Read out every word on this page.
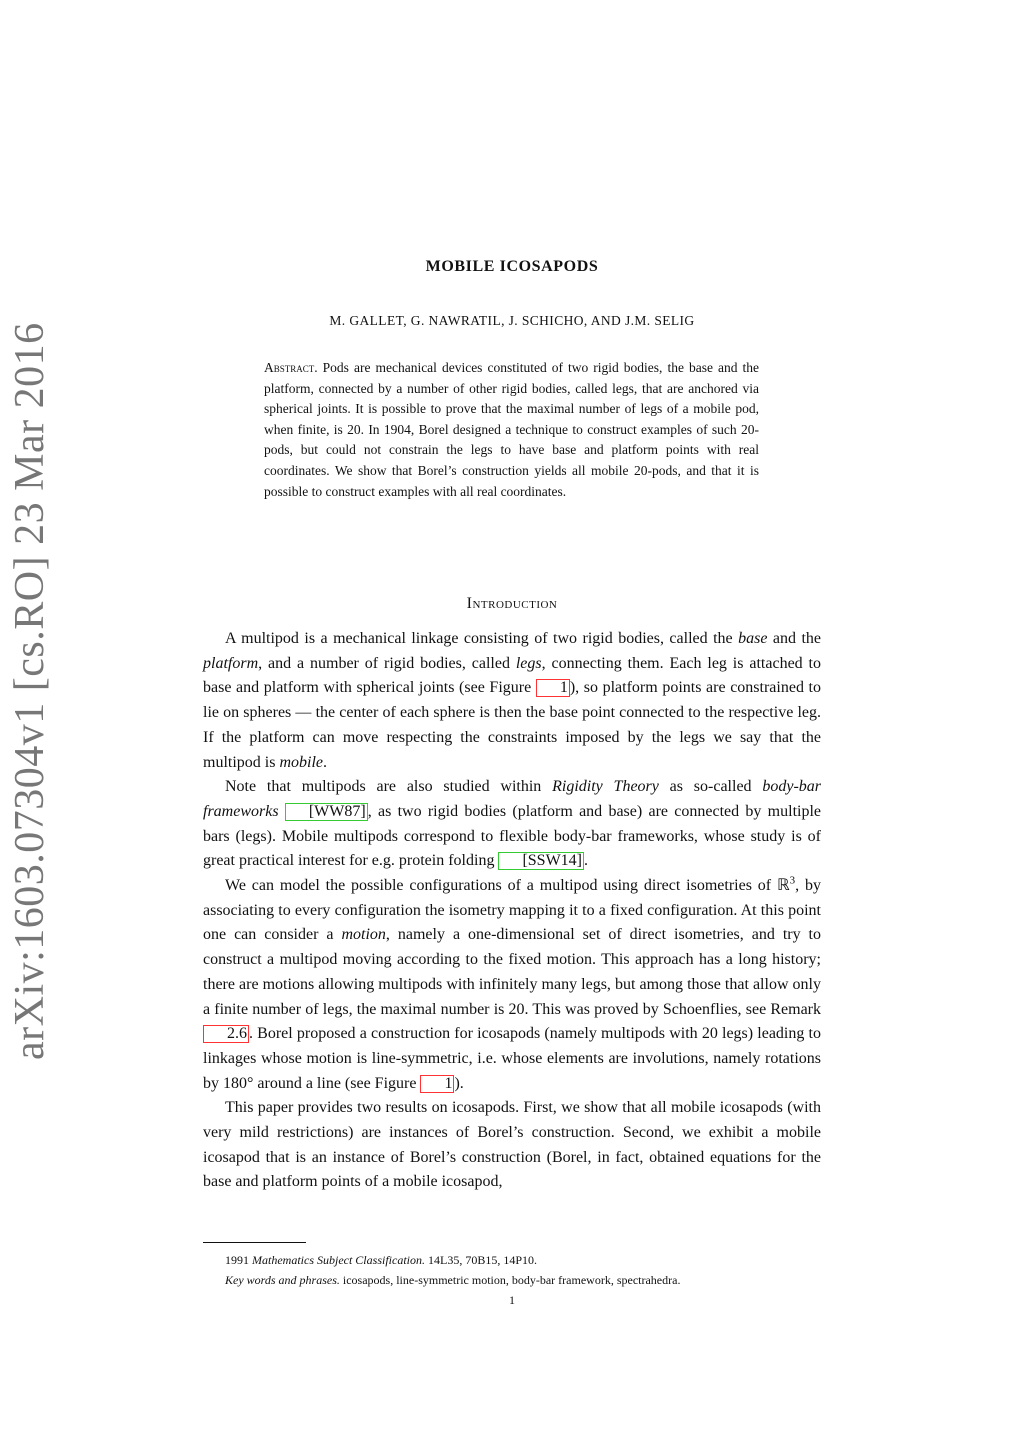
arXiv:1603.07304v1 [cs.RO] 23 Mar 2016
MOBILE ICOSAPODS
M. GALLET, G. NAWRATIL, J. SCHICHO, AND J.M. SELIG
Abstract. Pods are mechanical devices constituted of two rigid bodies, the base and the platform, connected by a number of other rigid bodies, called legs, that are anchored via spherical joints. It is possible to prove that the maximal number of legs of a mobile pod, when finite, is 20. In 1904, Borel designed a technique to construct examples of such 20-pods, but could not constrain the legs to have base and platform points with real coordinates. We show that Borel’s construction yields all mobile 20-pods, and that it is possible to construct examples with all real coordinates.
Introduction

A multipod is a mechanical linkage consisting of two rigid bodies, called the base and the platform, and a number of rigid bodies, called legs, connecting them. Each leg is attached to base and platform with spherical joints (see Figure 1 ), so platform points are constrained to lie on spheres — the center of each sphere is then the base point connected to the respective leg. If the platform can move respecting the constraints imposed by the legs we say that the multipod is mobile.

Note that multipods are also studied within Rigidity Theory as so-called body-bar frameworks [WW87] , as two rigid bodies (platform and base) are connected by multiple bars (legs). Mobile multipods correspond to flexible body-bar frameworks, whose study is of great practical interest for e.g. protein folding [SSW14] .

We can model the possible configurations of a multipod using direct isometries of ℝ$^3$, by associating to every configuration the isometry mapping it to a fixed configuration. At this point one can consider a motion, namely a one-dimensional set of direct isometries, and try to construct a multipod moving according to the fixed motion. This approach has a long history; there are motions allowing multipods with infinitely many legs, but among those that allow only a finite number of legs, the maximal number is 20. This was proved by Schoenflies, see Remark 2.6 . Borel proposed a construction for icosapods (namely multipods with 20 legs) leading to linkages whose motion is line-symmetric, i.e. whose elements are involutions, namely rotations by 180° around a line (see Figure 1 ).

This paper provides two results on icosapods. First, we show that all mobile icosapods (with very mild restrictions) are instances of Borel’s construction. Second, we exhibit a mobile icosapod that is an instance of Borel’s construction (Borel, in fact, obtained equations for the base and platform points of a mobile icosapod,

1991 Mathematics Subject Classification. 14L35, 70B15, 14P10.

Key words and phrases. icosapods, line-symmetric motion, body-bar framework, spectrahedra.

1
